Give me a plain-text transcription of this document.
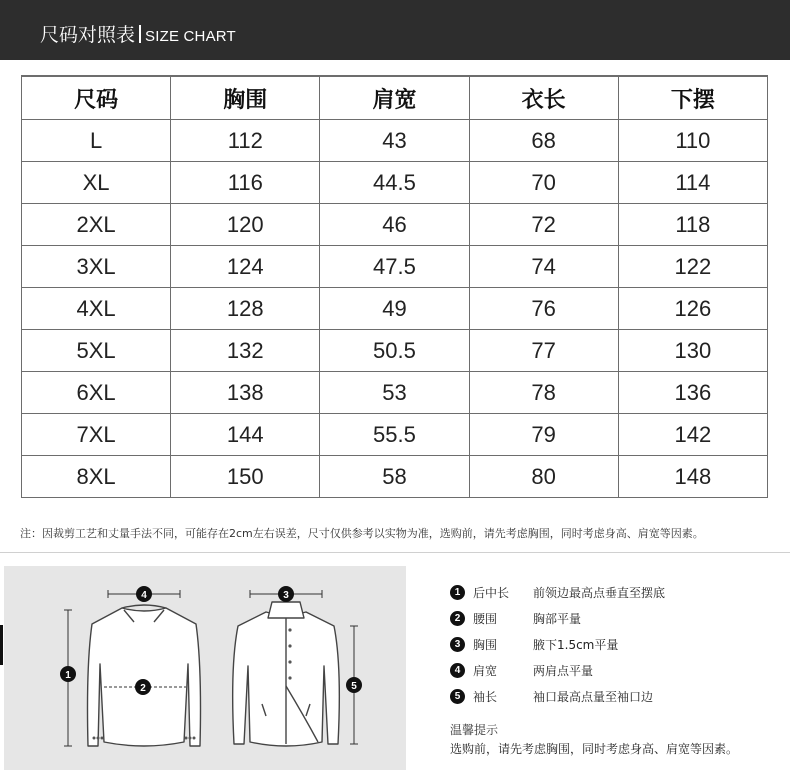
尺码对照表 SIZE CHART
尺码	胸围	肩宽	衣长	下摆
L	112	43	68	110
XL	116	44.5	70	114
2XL	120	46	72	118
3XL	124	47.5	74	122
4XL	128	49	76	126
5XL	132	50.5	77	130
6XL	138	53	78	136
7XL	144	55.5	79	142
8XL	150	58	80	148
注：因裁剪工艺和丈量手法不同，可能存在2cm左右误差，尺寸仅供参考以实物为准，选购前，请先考虑胸围，同时考虑身高、肩宽等因素。
4
2
1
3
5
1	后中长	前领边最高点垂直至摆底
2	腰围	胸部平量
3	胸围	腋下1.5cm平量
4	肩宽	两肩点平量
5	袖长	袖口最高点量至袖口边
温馨提示
选购前，请先考虑胸围，同时考虑身高、肩宽等因素。
